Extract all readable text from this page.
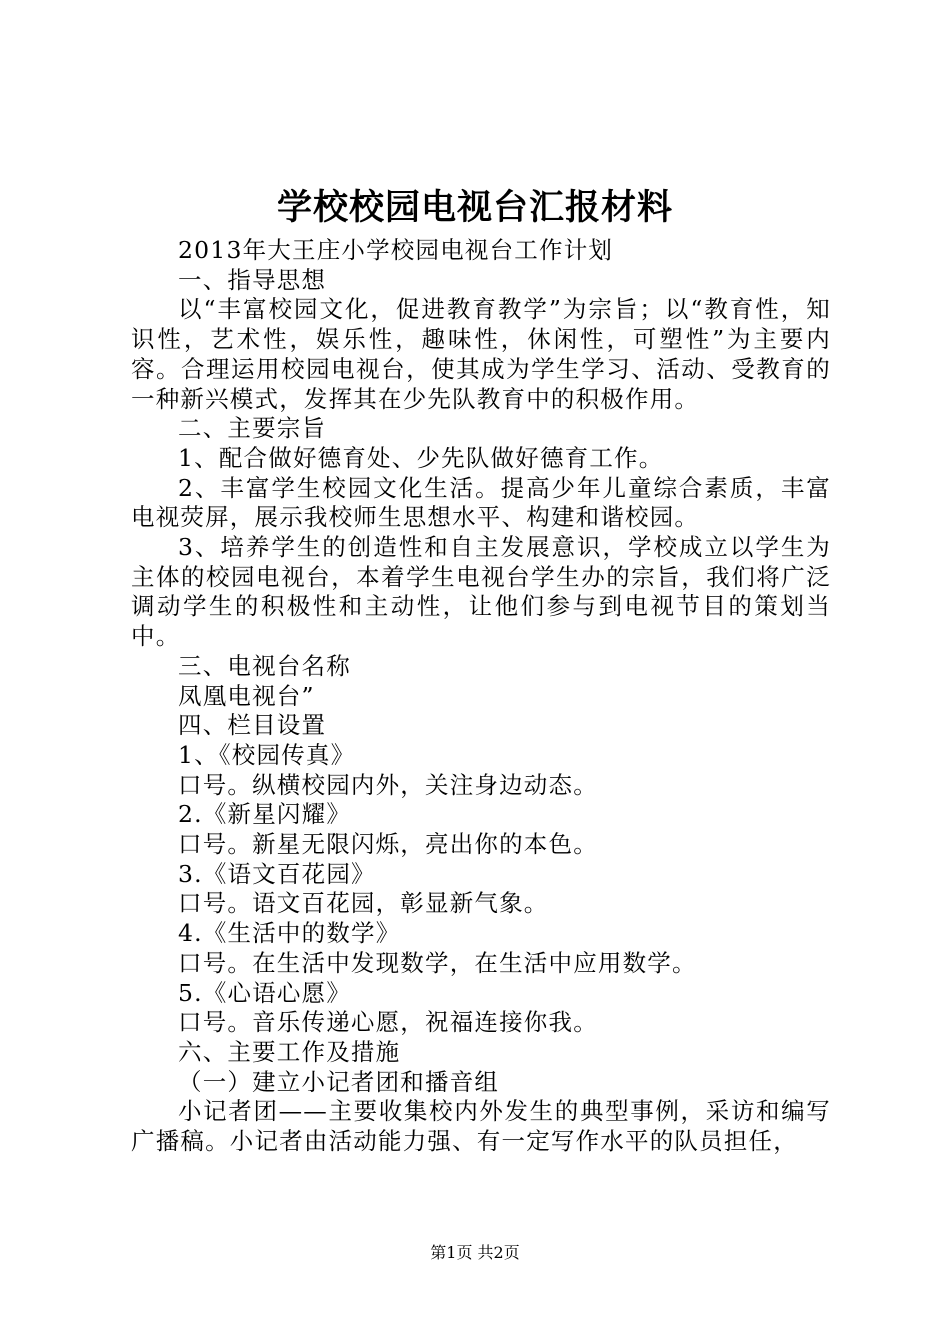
学校校园电视台汇报材料

2013年大王庄小学校园电视台工作计划

一、指导思想

以“丰富校园文化，促进教育教学”为宗旨；以“教育性，知识性，艺术性，娱乐性，趣味性，休闲性，可塑性”为主要内容。合理运用校园电视台，使其成为学生学习、活动、受教育的一种新兴模式，发挥其在少先队教育中的积极作用。

二、主要宗旨

1、配合做好德育处、少先队做好德育工作。

2、丰富学生校园文化生活。提高少年儿童综合素质，丰富电视荧屏，展示我校师生思想水平、构建和谐校园。

3、培养学生的创造性和自主发展意识，学校成立以学生为主体的校园电视台，本着学生电视台学生办的宗旨，我们将广泛调动学生的积极性和主动性，让他们参与到电视节目的策划当中。

三、电视台名称

凤凰电视台”

四、栏目设置

1、《校园传真》

口号。纵横校园内外，关注身边动态。

2.《新星闪耀》

口号。新星无限闪烁，亮出你的本色。

3.《语文百花园》

口号。语文百花园，彰显新气象。

4.《生活中的数学》

口号。在生活中发现数学，在生活中应用数学。

5.《心语心愿》

口号。音乐传递心愿，祝福连接你我。

六、主要工作及措施

（一）建立小记者团和播音组

小记者团——主要收集校内外发生的典型事例，采访和编写广播稿。小记者由活动能力强、有一定写作水平的队员担任，

第1页 共2页
